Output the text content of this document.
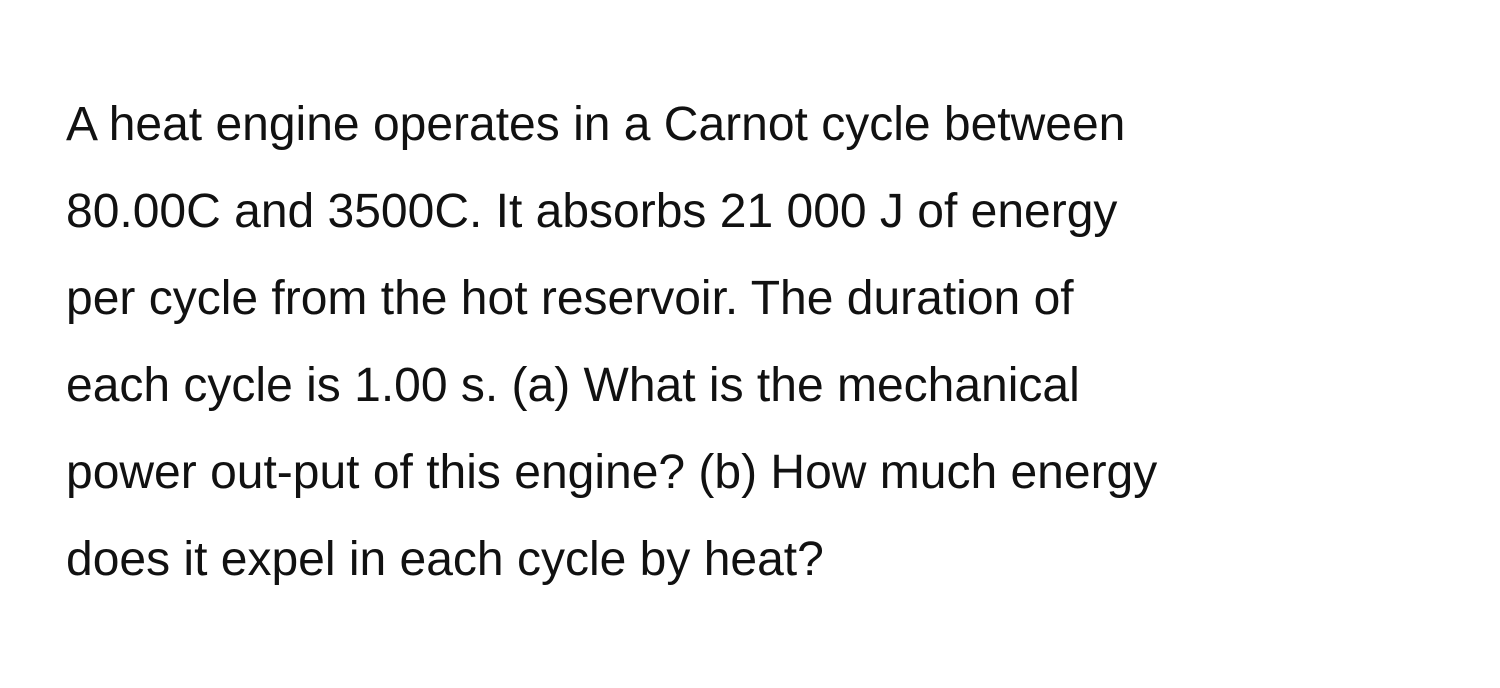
A heat engine operates in a Carnot cycle between
80.00C and 3500C. It absorbs 21 000 J of energy
per cycle from the hot reservoir. The duration of
each cycle is 1.00 s. (a) What is the mechanical
power out-put of this engine? (b) How much energy
does it expel in each cycle by heat?
